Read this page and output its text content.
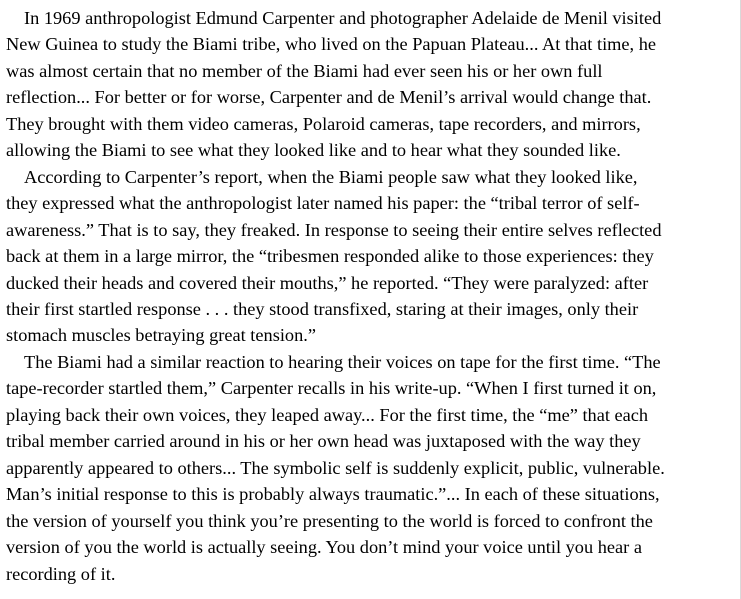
In 1969 anthropologist Edmund Carpenter and photographer Adelaide de Menil visited
New Guinea to study the Biami tribe, who lived on the Papuan Plateau... At that time, he
was almost certain that no member of the Biami had ever seen his or her own full
reflection... For better or for worse, Carpenter and de Menil’s arrival would change that.
They brought with them video cameras, Polaroid cameras, tape recorders, and mirrors,
allowing the Biami to see what they looked like and to hear what they sounded like.
According to Carpenter’s report, when the Biami people saw what they looked like,
they expressed what the anthropologist later named his paper: the “tribal terror of self-
awareness.” That is to say, they freaked. In response to seeing their entire selves reflected
back at them in a large mirror, the “tribesmen responded alike to those experiences: they
ducked their heads and covered their mouths,” he reported. “They were paralyzed: after
their first startled response . . . they stood transfixed, staring at their images, only their
stomach muscles betraying great tension.”
The Biami had a similar reaction to hearing their voices on tape for the first time. “The
tape-recorder startled them,” Carpenter recalls in his write-up. “When I first turned it on,
playing back their own voices, they leaped away... For the first time, the “me” that each
tribal member carried around in his or her own head was juxtaposed with the way they
apparently appeared to others... The symbolic self is suddenly explicit, public, vulnerable.
Man’s initial response to this is probably always traumatic.”... In each of these situations,
the version of yourself you think you’re presenting to the world is forced to confront the
version of you the world is actually seeing. You don’t mind your voice until you hear a
recording of it.
